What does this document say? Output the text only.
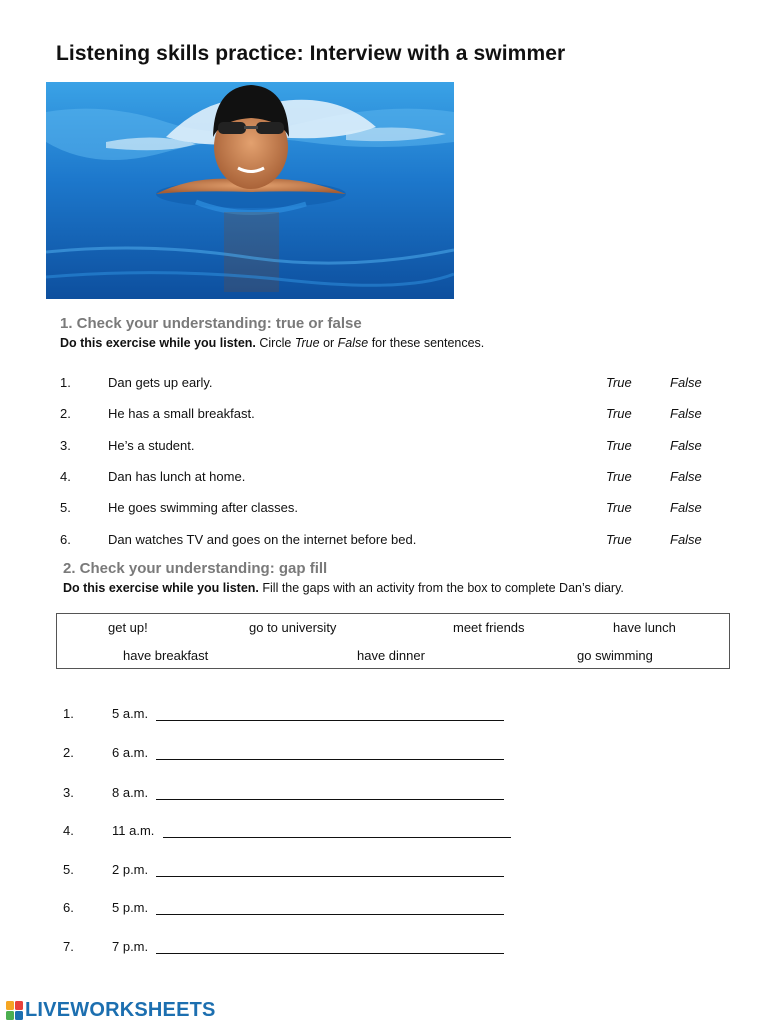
Listening skills practice: Interview with a swimmer
1. Check your understanding: true or false
Do this exercise while you listen. Circle True or False for these sentences.
1.	Dan gets up early.	True	False
2.	He has a small breakfast.	True	False
3.	He’s a student.	True	False
4.	Dan has lunch at home.	True	False
5.	He goes swimming after classes.	True	False
6.	Dan watches TV and goes on the internet before bed.	True	False
2. Check your understanding: gap fill
Do this exercise while you listen. Fill the gaps with an activity from the box to complete Dan’s diary.
get up!	go to university	meet friends	have lunch
have breakfast	have dinner	go swimming
1.	5 a.m.
2.	6 a.m.
3.	8 a.m.
4.	11 a.m.
5.	2 p.m.
6.	5 p.m.
7.	7 p.m.
LIVEWORKSHEETS
